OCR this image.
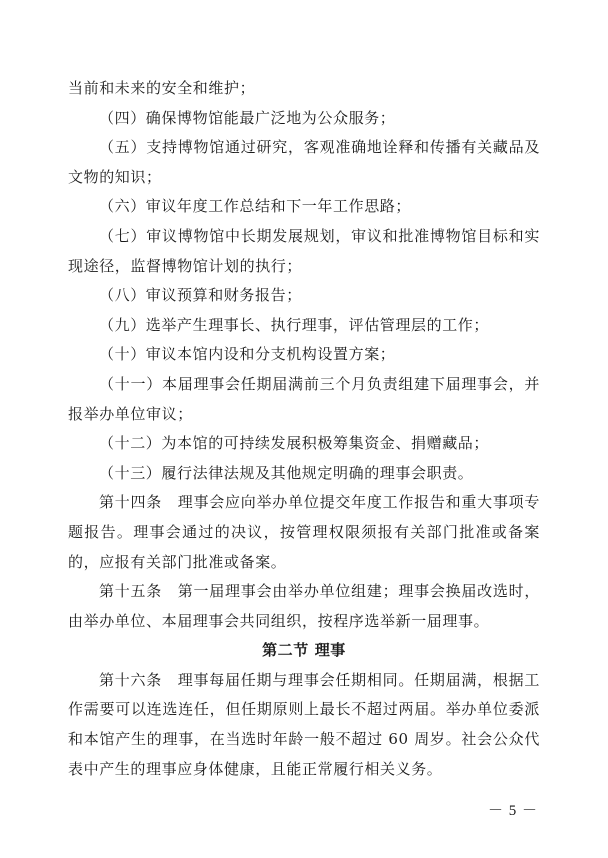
当前和未来的安全和维护；

（四）确保博物馆能最广泛地为公众服务；

（五）支持博物馆通过研究，客观准确地诠释和传播有关藏品及文物的知识；

（六）审议年度工作总结和下一年工作思路；

（七）审议博物馆中长期发展规划，审议和批准博物馆目标和实现途径，监督博物馆计划的执行；

（八）审议预算和财务报告；

（九）选举产生理事长、执行理事，评估管理层的工作；

（十）审议本馆内设和分支机构设置方案；

（十一）本届理事会任期届满前三个月负责组建下届理事会，并报举办单位审议；

（十二）为本馆的可持续发展积极筹集资金、捐赠藏品；

（十三）履行法律法规及其他规定明确的理事会职责。

第十四条　理事会应向举办单位提交年度工作报告和重大事项专题报告。理事会通过的决议，按管理权限须报有关部门批准或备案的，应报有关部门批准或备案。

第十五条　第一届理事会由举办单位组建；理事会换届改选时，由举办单位、本届理事会共同组织，按程序选举新一届理事。

第二节 理事

第十六条　理事每届任期与理事会任期相同。任期届满，根据工作需要可以连选连任，但任期原则上最长不超过两届。举办单位委派和本馆产生的理事，在当选时年龄一般不超过 60 周岁。社会公众代表中产生的理事应身体健康，且能正常履行相关义务。

－ 5 －
